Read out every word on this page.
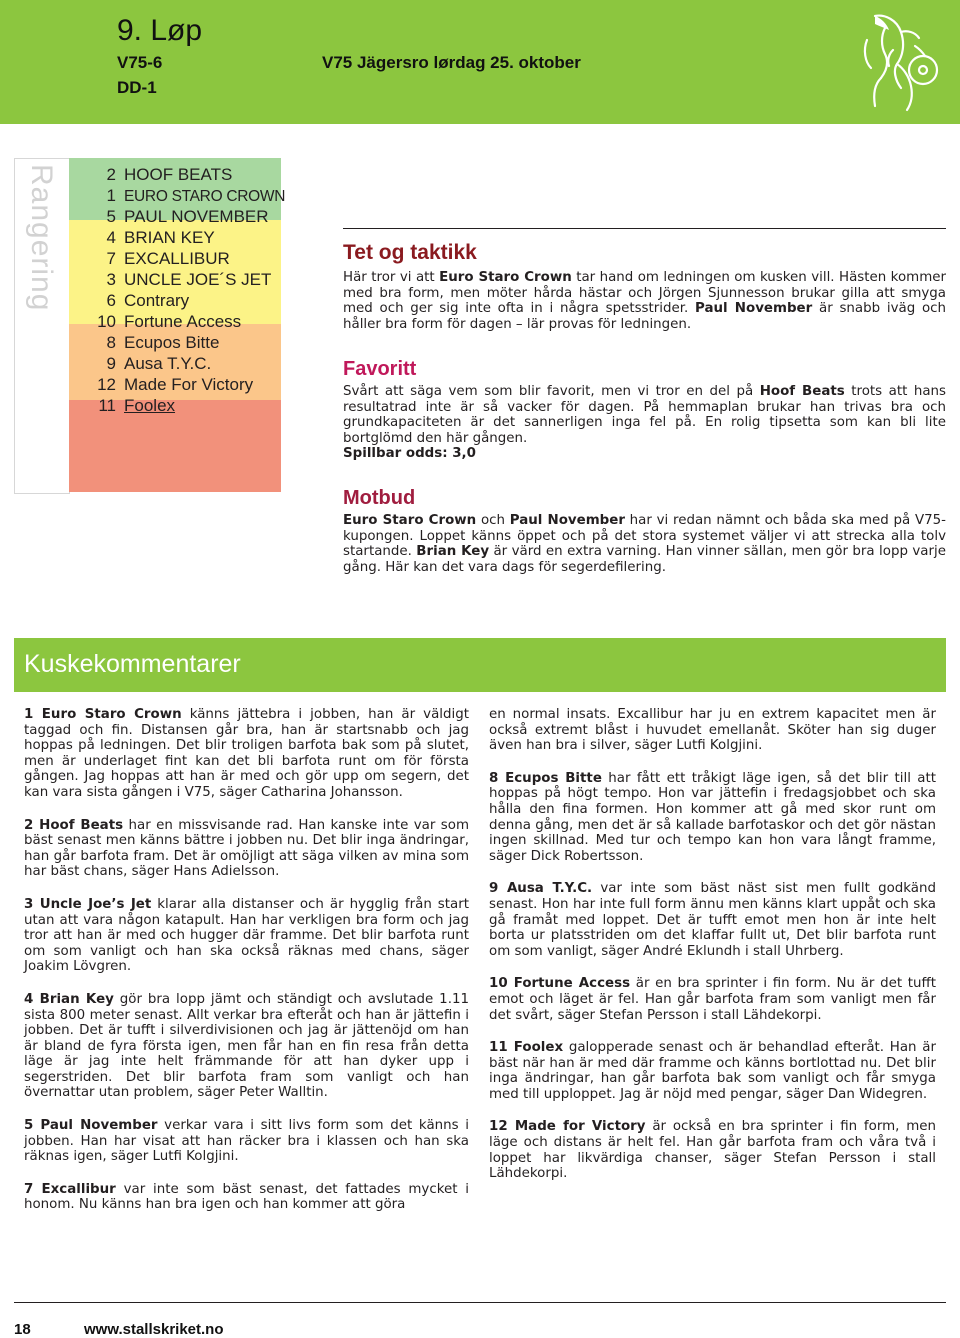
9. Løp
V75-6
DD-1
V75 Jägersro lørdag 25. oktober
Rangering	2 HOOF BEATS
1 EURO STARO CROWN
5 PAUL NOVEMBER
4 BRIAN KEY
7 EXCALLIBUR
3 UNCLE JOE´S JET
6 Contrary
10 Fortune Access
8 Ecupos Bitte
9 Ausa T.Y.C.
12 Made For Victory
11 Foolex
Tet og taktikk
Här tror vi att Euro Staro Crown tar hand om ledningen om kusken vill. Hästen kommer med bra form, men möter hårda hästar och Jörgen Sjunnesson brukar gilla att smyga med och ger sig inte ofta in i några spetsstrider. Paul November är snabb iväg och håller bra form för dagen – lär provas för ledningen.
Favoritt
Svårt att säga vem som blir favorit, men vi tror en del på Hoof Beats trots att hans resultatrad inte är så vacker för dagen. På hemmaplan brukar han trivas bra och grundkapaciteten är det sannerligen inga fel på. En rolig tipsetta som kan bli lite bortglömd den här gången.
Spillbar odds: 3,0
Motbud
Euro Staro Crown och Paul November har vi redan nämnt och båda ska med på V75-kupongen. Loppet känns öppet och på det stora systemet väljer vi att strecka alla tolv startande. Brian Key är värd en extra varning. Han vinner sällan, men gör bra lopp varje gång. Här kan det vara dags för segerdefilering.
Kuskekommentarer

1 Euro Staro Crown känns jättebra i jobben, han är väldigt taggad och fin. Distansen går bra, han är startsnabb och jag hoppas på ledningen. Det blir troligen barfota bak som på slutet, men är underlaget fint kan det bli barfota runt om för första gången. Jag hoppas att han är med och gör upp om segern, det kan vara sista gången i V75, säger Catharina Johansson.

2 Hoof Beats har en missvisande rad. Han kanske inte var som bäst senast men känns bättre i jobben nu. Det blir inga ändringar, han går barfota fram. Det är omöjligt att säga vilken av mina som har bäst chans, säger Hans Adielsson.

3 Uncle Joe’s Jet klarar alla distanser och är hygglig från start utan att vara någon katapult. Han har verkligen bra form och jag tror att han är med och hugger där framme. Det blir barfota runt om som vanligt och han ska också räknas med chans, säger Joakim Lövgren.

4 Brian Key gör bra lopp jämt och ständigt och avslutade 1.11 sista 800 meter senast. Allt verkar bra efteråt och han är jättefin i jobben. Det är tufft i silverdivisionen och jag är jättenöjd om han är bland de fyra första igen, men får han en fin resa från detta läge är jag inte helt främmande för att han dyker upp i segerstriden. Det blir barfota fram som vanligt och han övernattar utan problem, säger Peter Walltin.

5 Paul November verkar vara i sitt livs form som det känns i jobben. Han har visat att han räcker bra i klassen och han ska räknas igen, säger Lutfi Kolgjini.

7 Excallibur var inte som bäst senast, det fattades mycket i honom. Nu känns han bra igen och han kommer att göra

en normal insats. Excallibur har ju en extrem kapacitet men är också extremt blåst i huvudet emellanåt. Sköter han sig duger även han bra i silver, säger Lutfi Kolgjini.

8 Ecupos Bitte har fått ett tråkigt läge igen, så det blir till att hoppas på högt tempo. Hon var jättefin i fredagsjobbet och ska hålla den fina formen. Hon kommer att gå med skor runt om denna gång, men det är så kallade barfotaskor och det gör nästan ingen skillnad. Med tur och tempo kan hon vara långt framme, säger Dick Robertsson.

9 Ausa T.Y.C. var inte som bäst näst sist men fullt godkänd senast. Hon har inte full form ännu men känns klart uppåt och ska gå framåt med loppet. Det är tufft emot men hon är inte helt borta ur platsstriden om det klaffar fullt ut, Det blir barfota runt om som vanligt, säger André Eklundh i stall Uhrberg.

10 Fortune Access är en bra sprinter i fin form. Nu är det tufft emot och läget är fel. Han går barfota fram som vanligt men får det svårt, säger Stefan Persson i stall Lähdekorpi.

11 Foolex galopperade senast och är behandlad efteråt. Han är bäst när han är med där framme och känns bortlottad nu. Det blir inga ändringar, han går barfota bak som vanligt och får smyga med till upploppet. Jag är nöjd med pengar, säger Dan Widegren.

12 Made for Victory är också en bra sprinter i fin form, men läge och distans är helt fel. Han går barfota fram och våra två i loppet har likvärdiga chanser, säger Stefan Persson i stall Lähdekorpi.

18	www.stallskriket.no
